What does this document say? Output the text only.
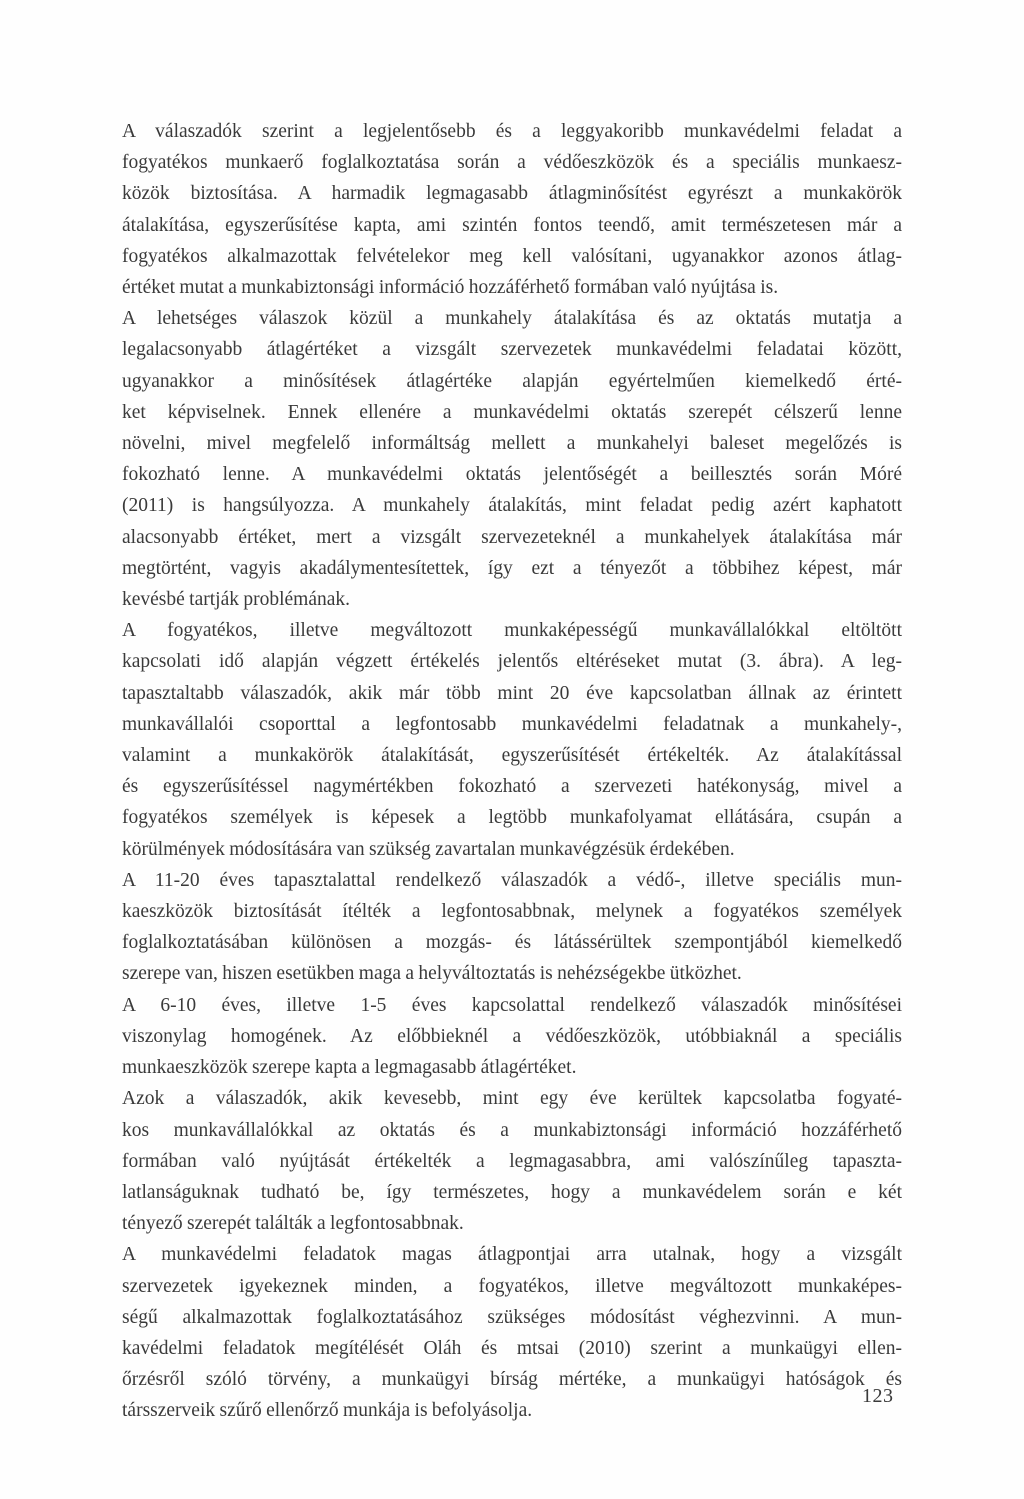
A válaszadók szerint a legjelentősebb és a leggyakoribb munkavédelmi feladat a
fogyatékos munkaerő foglalkoztatása során a védőeszközök és a speciális munkaesz-
közök biztosítása. A harmadik legmagasabb átlagminősítést egyrészt a munkakörök
átalakítása, egyszerűsítése kapta, ami szintén fontos teendő, amit természetesen már a
fogyatékos alkalmazottak felvételekor meg kell valósítani, ugyanakkor azonos átlag-
értéket mutat a munkabiztonsági információ hozzáférhető formában való nyújtása is.
A lehetséges válaszok közül a munkahely átalakítása és az oktatás mutatja a
legalacsonyabb átlagértéket a vizsgált szervezetek munkavédelmi feladatai között,
ugyanakkor a minősítések átlagértéke alapján egyértelműen kiemelkedő érté-
ket képviselnek. Ennek ellenére a munkavédelmi oktatás szerepét célszerű lenne
növelni, mivel megfelelő informáltság mellett a munkahelyi baleset megelőzés is
fokozható lenne. A munkavédelmi oktatás jelentőségét a beillesztés során Móré
(2011) is hangsúlyozza. A munkahely átalakítás, mint feladat pedig azért kaphatott
alacsonyabb értéket, mert a vizsgált szervezeteknél a munkahelyek átalakítása már
megtörtént, vagyis akadálymentesítettek, így ezt a tényezőt a többihez képest, már
kevésbé tartják problémának.
A fogyatékos, illetve megváltozott munkaképességű munkavállalókkal eltöltött
kapcsolati idő alapján végzett értékelés jelentős eltéréseket mutat (3. ábra). A leg-
tapasztaltabb válaszadók, akik már több mint 20 éve kapcsolatban állnak az érintett
munkavállalói csoporttal a legfontosabb munkavédelmi feladatnak a munkahely-,
valamint a munkakörök átalakítását, egyszerűsítését értékelték. Az átalakítással
és egyszerűsítéssel nagymértékben fokozható a szervezeti hatékonyság, mivel a
fogyatékos személyek is képesek a legtöbb munkafolyamat ellátására, csupán a
körülmények módosítására van szükség zavartalan munkavégzésük érdekében.
A 11-20 éves tapasztalattal rendelkező válaszadók a védő-, illetve speciális mun-
kaeszközök biztosítását ítélték a legfontosabbnak, melynek a fogyatékos személyek
foglalkoztatásában különösen a mozgás- és látássérültek szempontjából kiemelkedő
szerepe van, hiszen esetükben maga a helyváltoztatás is nehézségekbe ütközhet.
A 6-10 éves, illetve 1-5 éves kapcsolattal rendelkező válaszadók minősítései
viszonylag homogének. Az előbbieknél a védőeszközök, utóbbiaknál a speciális
munkaeszközök szerepe kapta a legmagasabb átlagértéket.
Azok a válaszadók, akik kevesebb, mint egy éve kerültek kapcsolatba fogyaté-
kos munkavállalókkal az oktatás és a munkabiztonsági információ hozzáférhető
formában való nyújtását értékelték a legmagasabbra, ami valószínűleg tapaszta-
latlanságuknak tudható be, így természetes, hogy a munkavédelem során e két
tényező szerepét találták a legfontosabbnak.
A munkavédelmi feladatok magas átlagpontjai arra utalnak, hogy a vizsgált
szervezetek igyekeznek minden, a fogyatékos, illetve megváltozott munkaképes-
ségű alkalmazottak foglalkoztatásához szükséges módosítást véghezvinni. A mun-
kavédelmi feladatok megítélését Oláh és mtsai (2010) szerint a munkaügyi ellen-
őrzésről szóló törvény, a munkaügyi bírság mértéke, a munkaügyi hatóságok és
társszerveik szűrő ellenőrző munkája is befolyásolja.
123
